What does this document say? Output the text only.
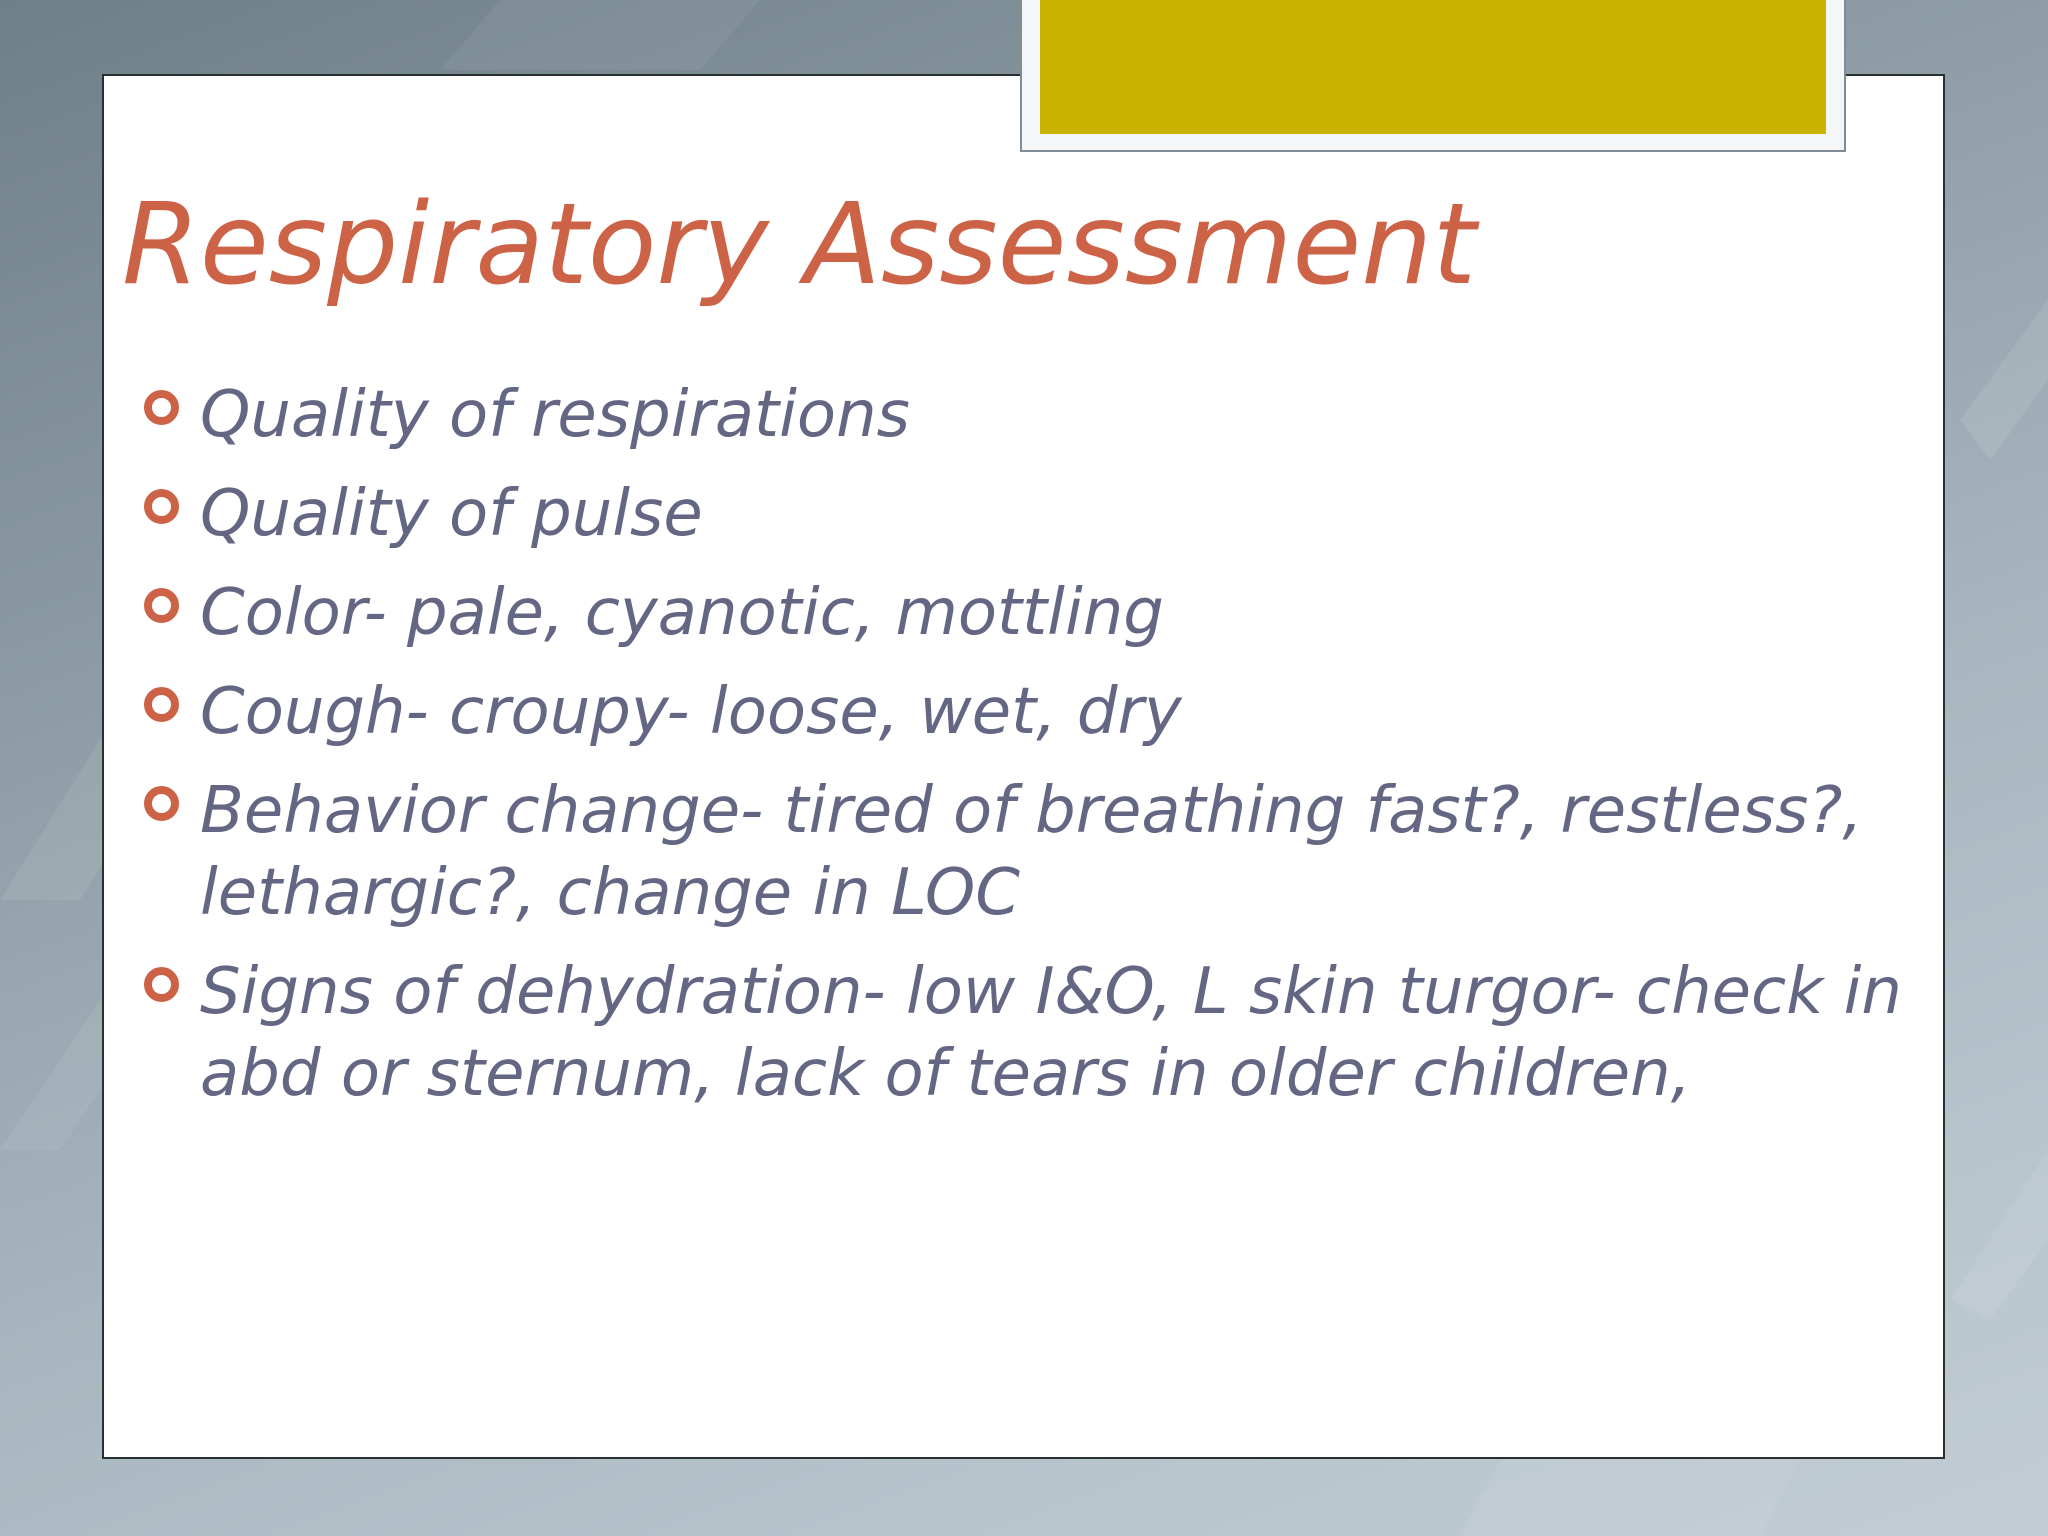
Respiratory Assessment
Quality of respirations
Quality of pulse
Color- pale, cyanotic, mottling
Cough- croupy- loose, wet, dry
Behavior change- tired of breathing fast?, restless?, lethargic?, change in LOC
Signs of dehydration- low I&O, L skin turgor- check in abd or sternum, lack of tears in older children,
